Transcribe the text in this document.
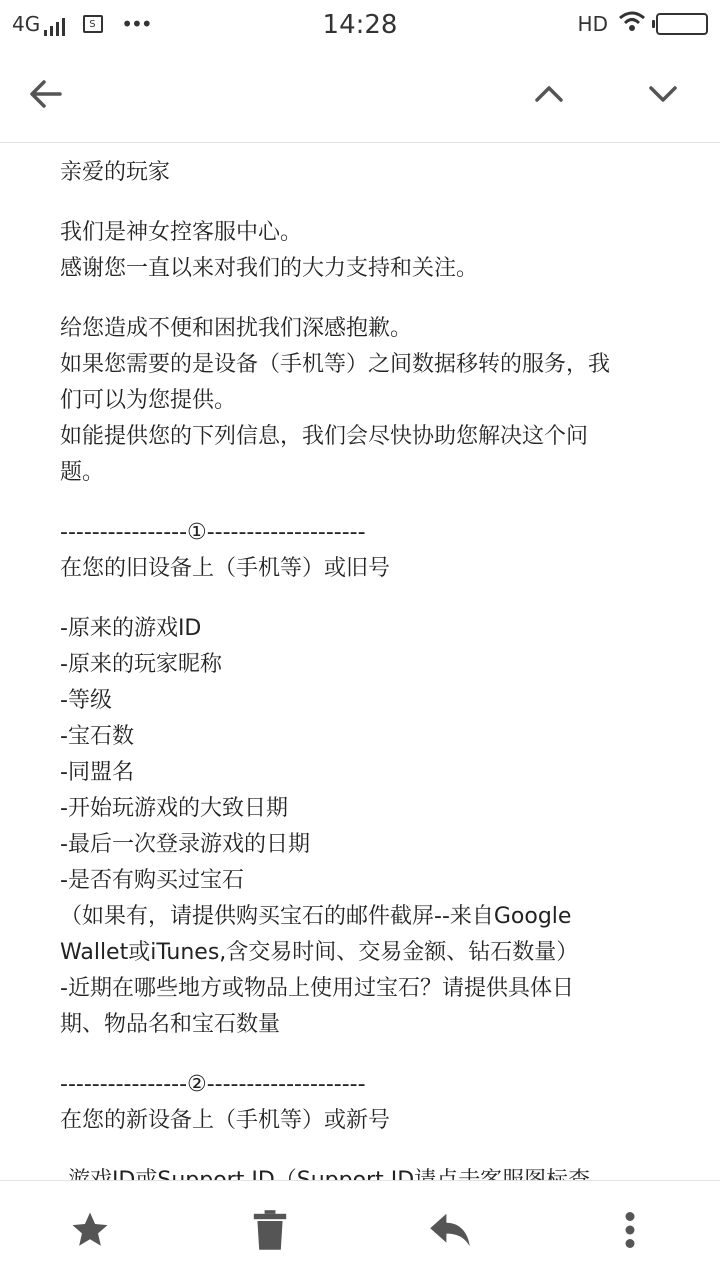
4G	S •••	14:28	HD
亲爱的玩家
我们是神女控客服中心。
感谢您一直以来对我们的大力支持和关注。
给您造成不便和困扰我们深感抱歉。
如果您需要的是设备（手机等）之间数据移转的服务，我
们可以为您提供。
如能提供您的下列信息，我们会尽快协助您解决这个问
题。
----------------①--------------------
在您的旧设备上（手机等）或旧号
-原来的游戏ID
-原来的玩家昵称
-等级
-宝石数
-同盟名
-开始玩游戏的大致日期
-最后一次登录游戏的日期
-是否有购买过宝石
（如果有，请提供购买宝石的邮件截屏--来自Google
Wallet或iTunes,含交易时间、交易金额、钻石数量）
-近期在哪些地方或物品上使用过宝石？请提供具体日
期、物品名和宝石数量
----------------②--------------------
在您的新设备上（手机等）或新号
